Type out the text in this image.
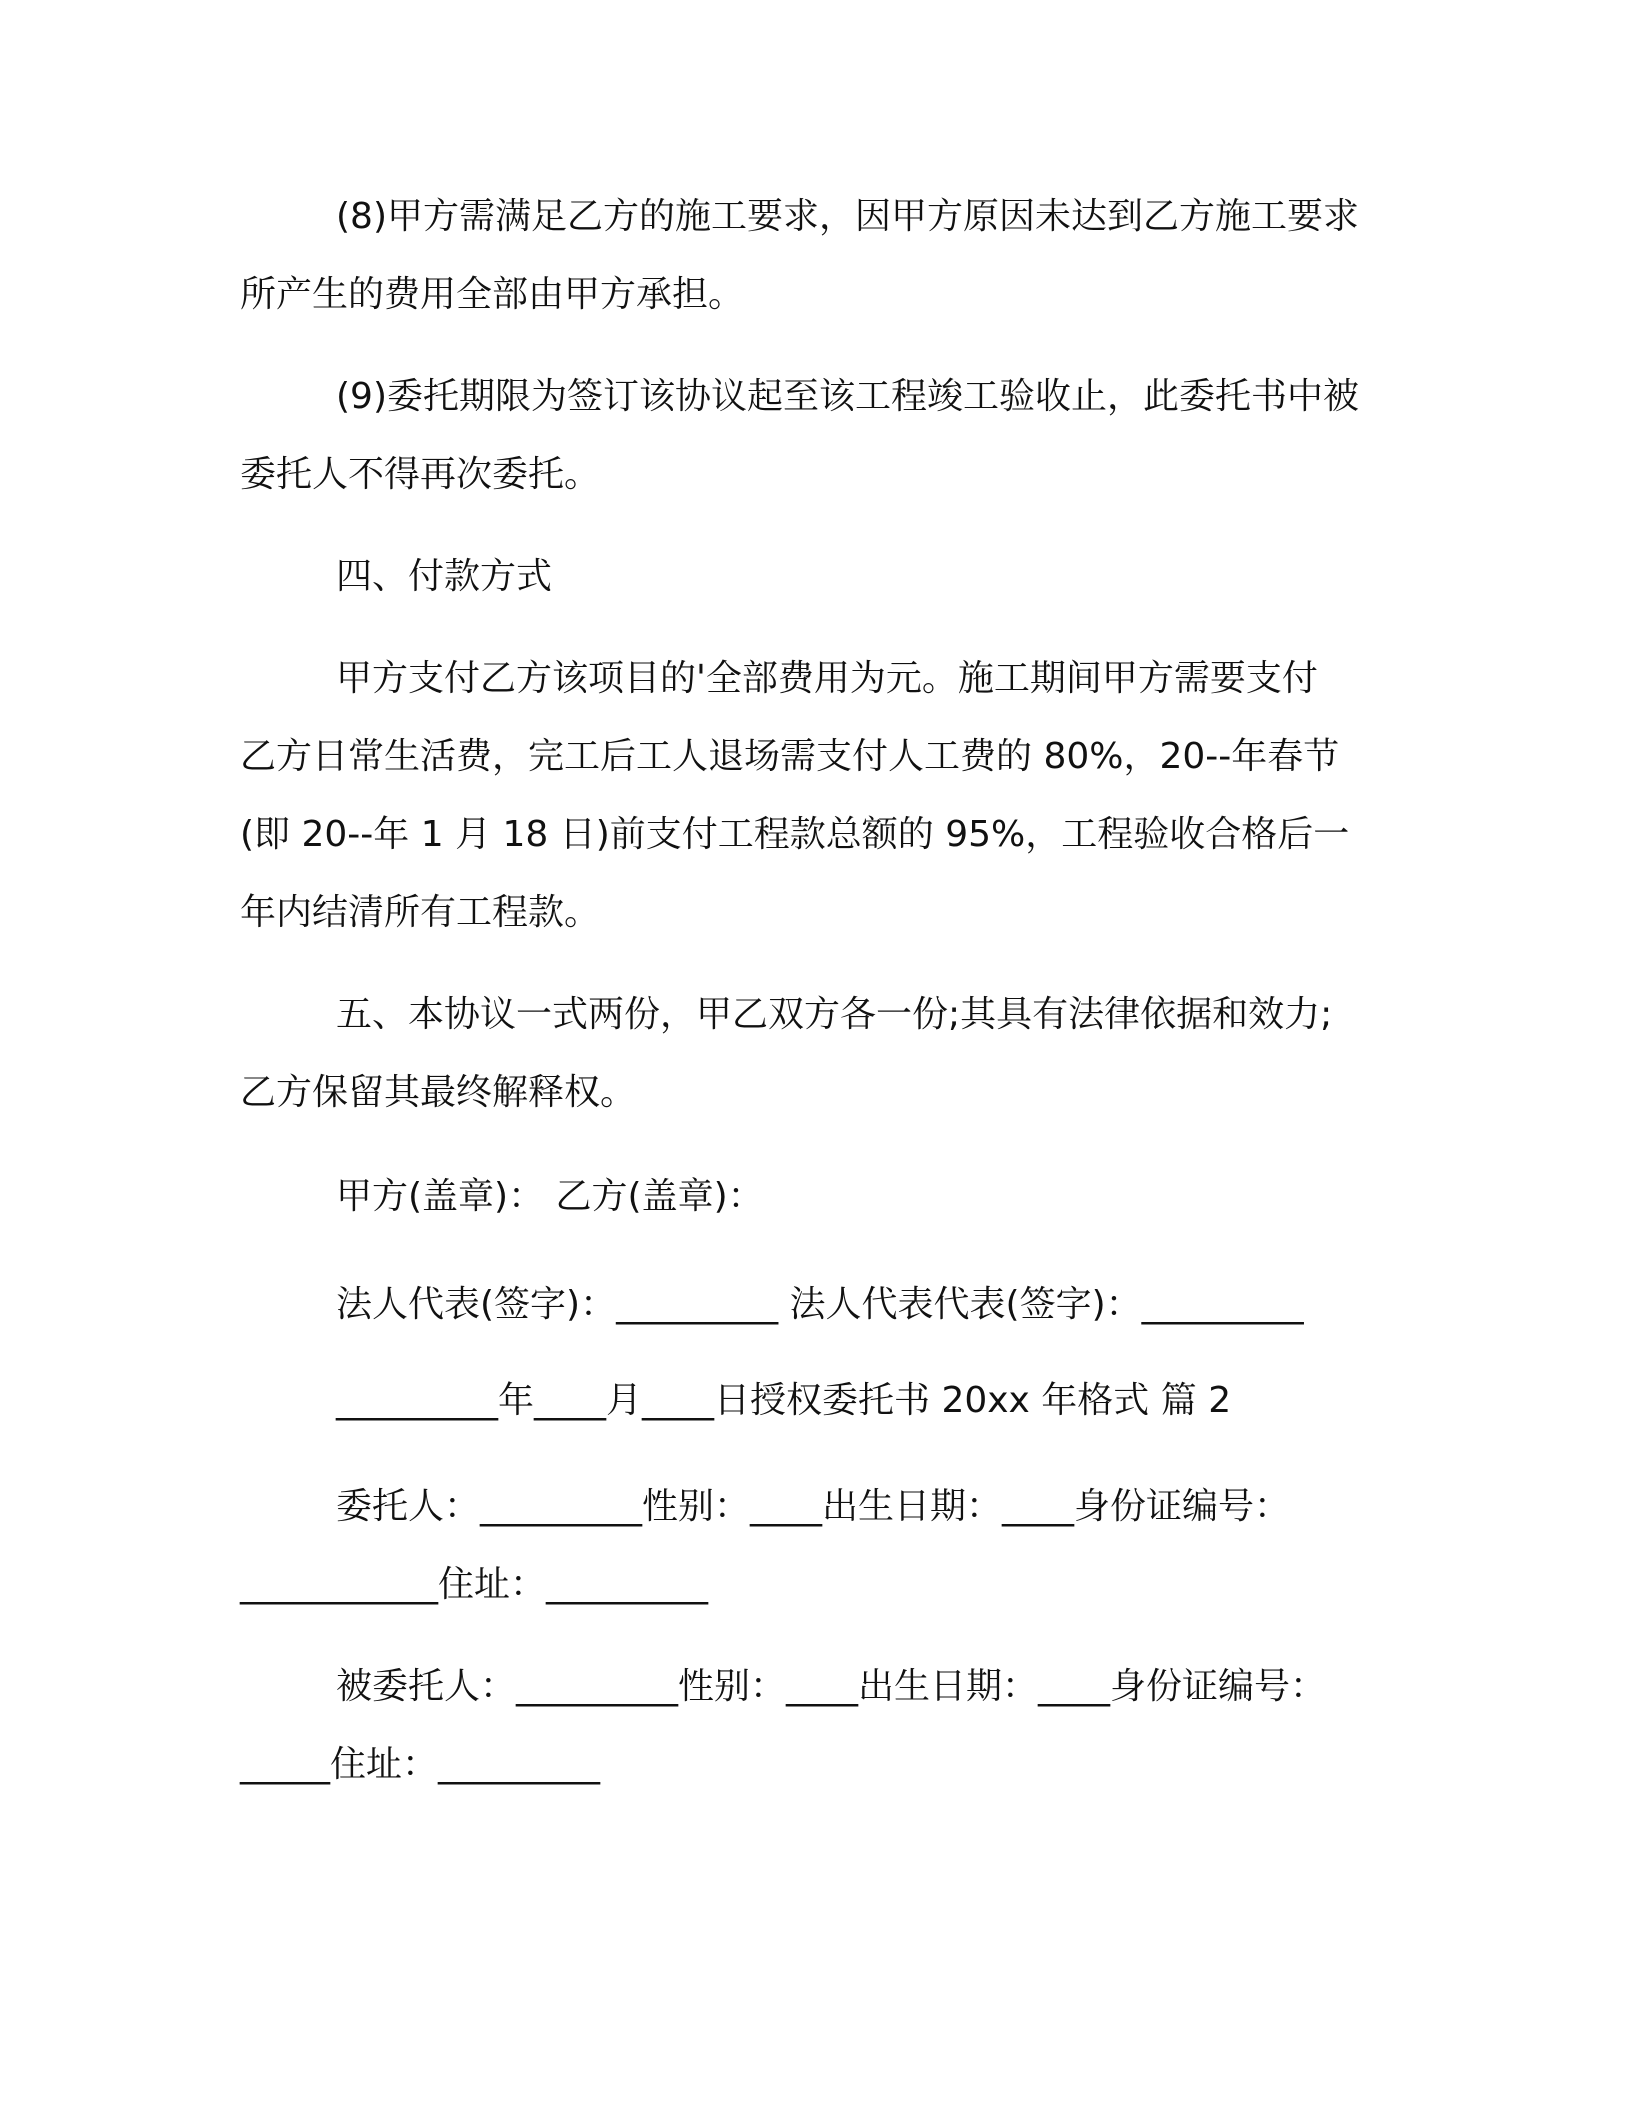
(8)甲方需满足乙方的施工要求，因甲方原因未达到乙方施工要求
所产生的费用全部由甲方承担。
(9)委托期限为签订该协议起至该工程竣工验收止，此委托书中被
委托人不得再次委托。
四、付款方式
甲方支付乙方该项目的'全部费用为元。施工期间甲方需要支付
乙方日常生活费，完工后工人退场需支付人工费的 80%，20--年春节
(即 20--年 1 月 18 日)前支付工程款总额的 95%，工程验收合格后一
年内结清所有工程款。
五、本协议一式两份，甲乙双方各一份;其具有法律依据和效力;
乙方保留其最终解释权。
甲方(盖章)： 乙方(盖章)：
法人代表(签字)：_________ 法人代表代表(签字)：_________
_________年____月____日授权委托书 20xx 年格式 篇 2
委托人：_________性别：____出生日期：____身份证编号：
___________住址：_________
被委托人：_________性别：____出生日期：____身份证编号：
_____住址：_________
